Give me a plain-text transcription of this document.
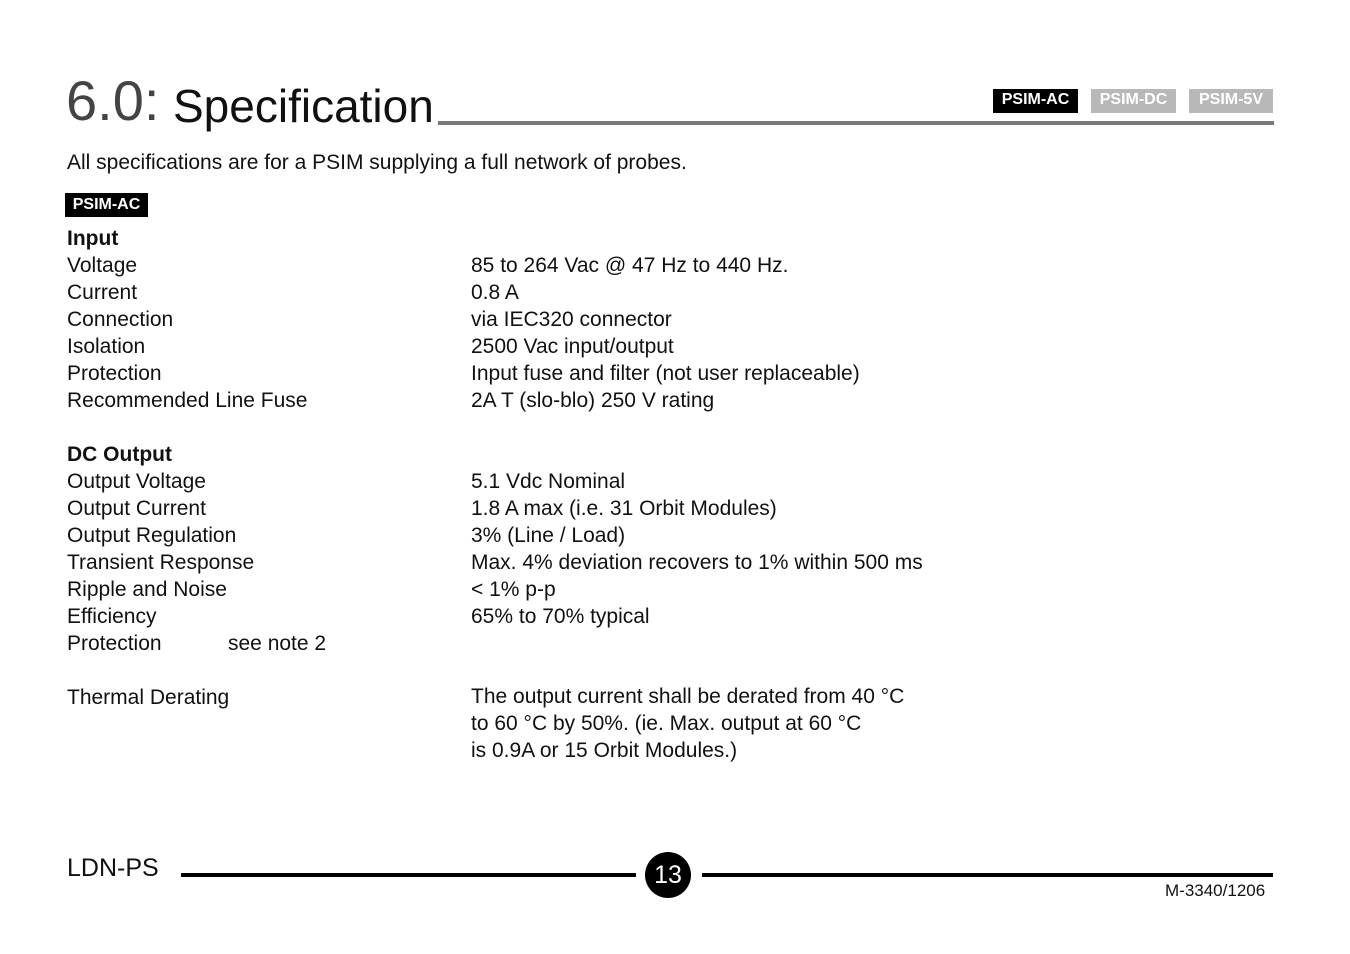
6.0: Specification	PSIM-AC	PSIM-DC	PSIM-5V
All specifications are for a PSIM supplying a full network of probes.
PSIM-AC
Input
Voltage	85 to 264 Vac @ 47 Hz to 440 Hz.
Current	0.8 A
Connection	via IEC320 connector
Isolation	2500 Vac input/output
Protection	Input fuse and filter (not user replaceable)
Recommended Line Fuse	2A T (slo-blo) 250 V rating
DC Output
Output Voltage	5.1 Vdc Nominal
Output Current	1.8 A max (i.e. 31 Orbit Modules)
Output Regulation	3% (Line / Load)
Transient Response	Max. 4% deviation recovers to 1% within 500 ms
Ripple and Noise	< 1% p-p
Efficiency	65% to 70% typical
Protection	see note 2
Thermal Derating	The output current shall be derated from 40 °C
to 60 °C by 50%. (ie. Max. output at 60 °C
is 0.9A or 15 Orbit Modules.)
LDN-PS	13
M-3340/1206
